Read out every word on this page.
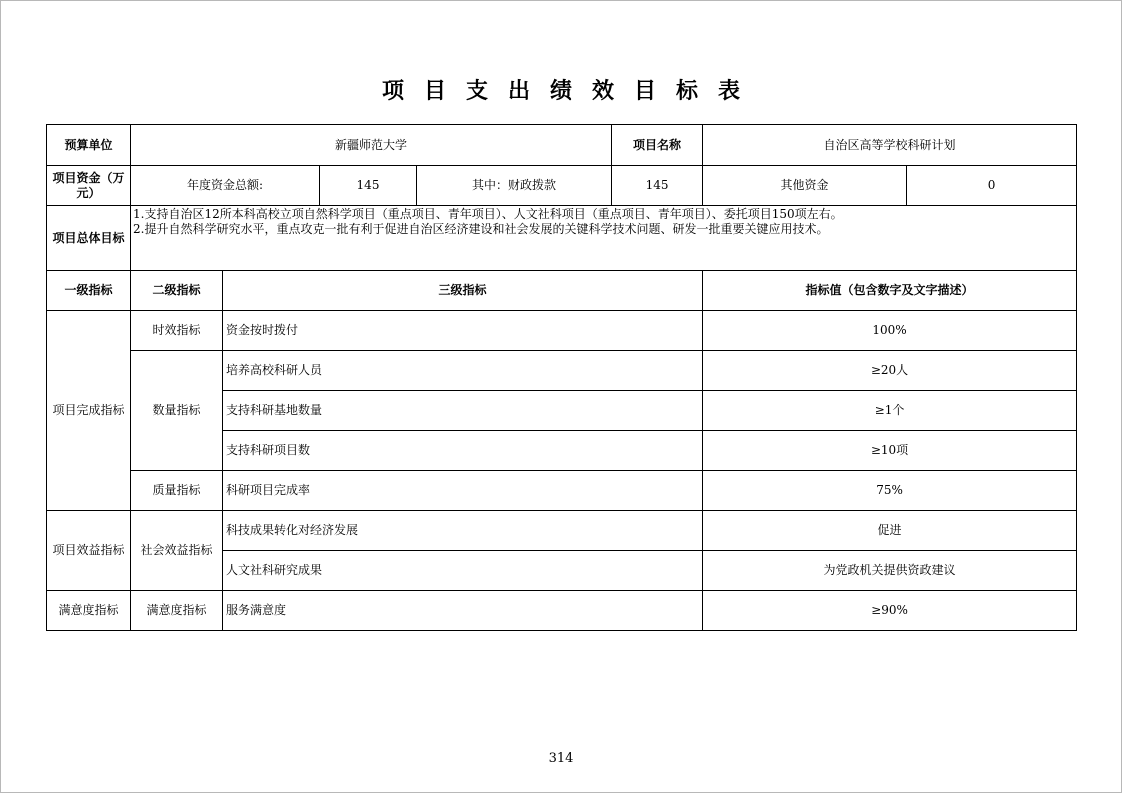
项目支出绩效目标表
预算单位	新疆师范大学				项目名称	自治区高等学校科研计划	
项目资金（万元）	年度资金总额:		145	其中：财政拨款	145	其他资金	0
项目总体目标	1.支持自治区12所本科高校立项自然科学项目（重点项目、青年项目）、人文社科项目（重点项目、青年项目）、委托项目150项左右。
2.提升自然科学研究水平，重点攻克一批有利于促进自治区经济建设和社会发展的关键科学技术问题、研发一批重要关键应用技术。						

一级指标	二级指标	三级指标				指标值（包含数字及文字描述）	
项目完成指标	时效指标	资金按时拨付				100%	
	数量指标	培养高校科研人员				≥20人	
		支持科研基地数量				≥1个	
		支持科研项目数				≥10项	
	质量指标	科研项目完成率				75%	
项目效益指标	社会效益指标	科技成果转化对经济发展				促进	
		人文社科研究成果				为党政机关提供资政建议	
满意度指标	满意度指标	服务满意度				≥90%	
314
